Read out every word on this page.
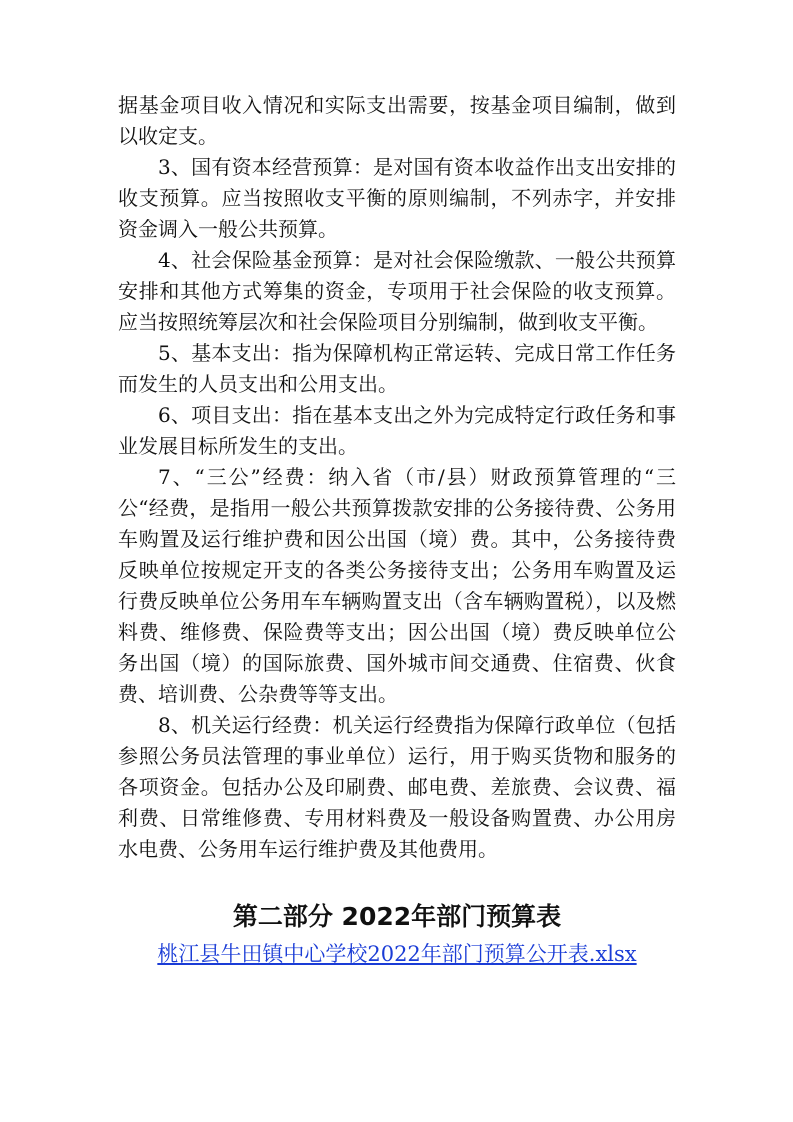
据基金项目收入情况和实际支出需要，按基金项目编制，做到以收定支。

3、国有资本经营预算：是对国有资本收益作出支出安排的收支预算。应当按照收支平衡的原则编制，不列赤字，并安排资金调入一般公共预算。

4、社会保险基金预算：是对社会保险缴款、一般公共预算安排和其他方式筹集的资金，专项用于社会保险的收支预算。应当按照统筹层次和社会保险项目分别编制，做到收支平衡。

5、基本支出：指为保障机构正常运转、完成日常工作任务而发生的人员支出和公用支出。

6、项目支出：指在基本支出之外为完成特定行政任务和事业发展目标所发生的支出。

7、“三公”经费：纳入省（市/县）财政预算管理的“三公“经费，是指用一般公共预算拨款安排的公务接待费、公务用车购置及运行维护费和因公出国（境）费。其中，公务接待费反映单位按规定开支的各类公务接待支出；公务用车购置及运行费反映单位公务用车车辆购置支出（含车辆购置税），以及燃料费、维修费、保险费等支出；因公出国（境）费反映单位公务出国（境）的国际旅费、国外城市间交通费、住宿费、伙食费、培训费、公杂费等等支出。

8、机关运行经费：机关运行经费指为保障行政单位（包括参照公务员法管理的事业单位）运行，用于购买货物和服务的各项资金。包括办公及印刷费、邮电费、差旅费、会议费、福利费、日常维修费、专用材料费及一般设备购置费、办公用房水电费、公务用车运行维护费及其他费用。

第二部分 2022年部门预算表
桃江县牛田镇中心学校2022年部门预算公开表.xlsx
